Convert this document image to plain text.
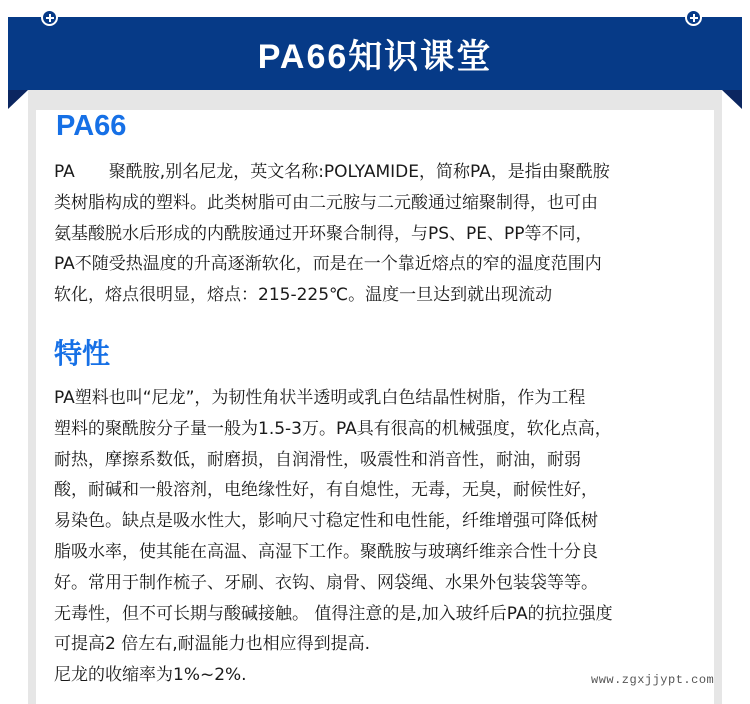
PA66知识课堂
PA66

PA　　聚酰胺,别名尼龙，英文名称:POLYAMIDE，简称PA，是指由聚酰胺
类树脂构成的塑料。此类树脂可由二元胺与二元酸通过缩聚制得，也可由
氨基酸脱水后形成的内酰胺通过开环聚合制得，与PS、PE、PP等不同，
PA不随受热温度的升高逐渐软化，而是在一个靠近熔点的窄的温度范围内
软化，熔点很明显，熔点：215-225℃。温度一旦达到就出现流动

特性

PA塑料也叫“尼龙”，为韧性角状半透明或乳白色结晶性树脂，作为工程
塑料的聚酰胺分子量一般为1.5-3万。PA具有很高的机械强度，软化点高，
耐热，摩擦系数低，耐磨损，自润滑性，吸震性和消音性，耐油，耐弱
酸，耐碱和一般溶剂，电绝缘性好，有自熄性，无毒，无臭，耐候性好，
易染色。缺点是吸水性大，影响尺寸稳定性和电性能，纤维增强可降低树
脂吸水率，使其能在高温、高湿下工作。聚酰胺与玻璃纤维亲合性十分良
好。常用于制作梳子、牙刷、衣钩、扇骨、网袋绳、水果外包装袋等等。
无毒性，但不可长期与酸碱接触。 值得注意的是,加入玻纤后PA的抗拉强度
可提高2 倍左右,耐温能力也相应得到提高.
尼龙的收缩率为1%~2%.	www.zgxjjypt.com
